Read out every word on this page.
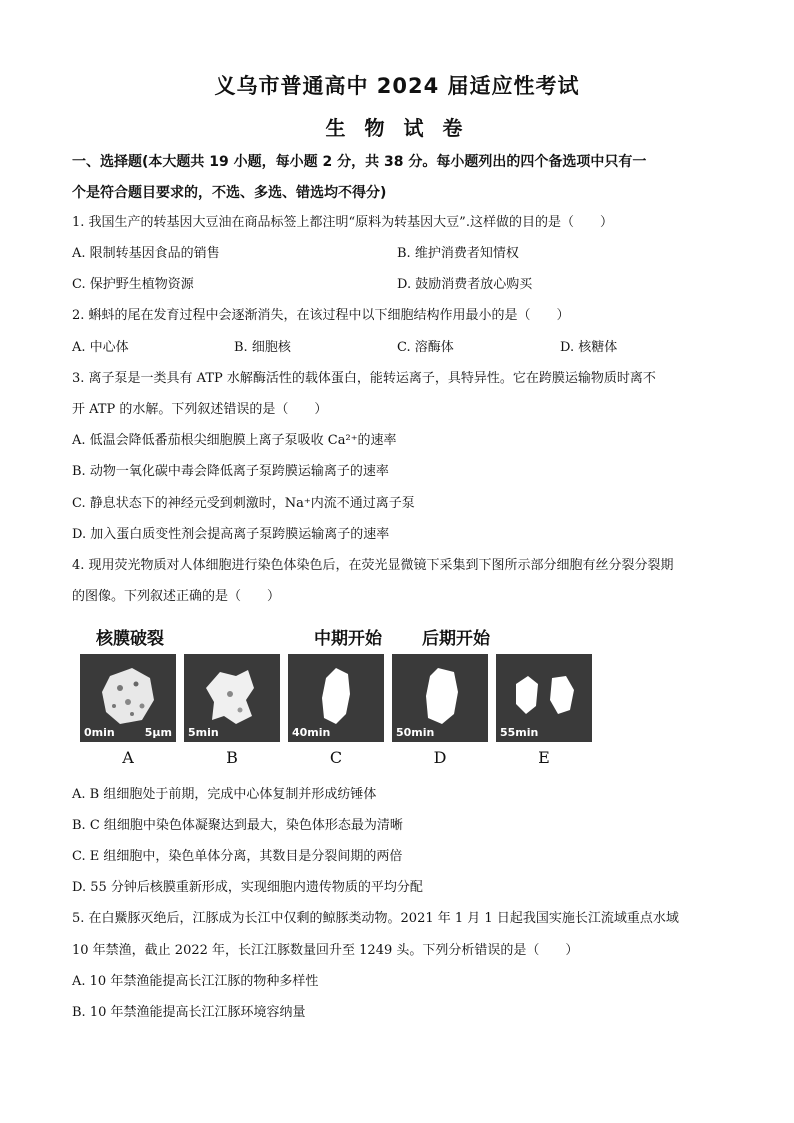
义乌市普通高中 2024 届适应性考试
生 物 试 卷
一、选择题(本大题共 19 小题，每小题 2 分，共 38 分。每小题列出的四个备选项中只有一
个是符合题目要求的，不选、多选、错选均不得分)
1. 我国生产的转基因大豆油在商品标签上都注明“原料为转基因大豆”.这样做的目的是（　　）
A. 限制转基因食品的销售	B. 维护消费者知情权
C. 保护野生植物资源	D. 鼓励消费者放心购买
2. 蝌蚪的尾在发育过程中会逐渐消失，在该过程中以下细胞结构作用最小的是（　　）
A. 中心体	B. 细胞核	C. 溶酶体	D. 核糖体
3. 离子泵是一类具有 ATP 水解酶活性的载体蛋白，能转运离子，具特异性。它在跨膜运输物质时离不
开 ATP 的水解。下列叙述错误的是（　　）
A. 低温会降低番茄根尖细胞膜上离子泵吸收 Ca²⁺的速率
B. 动物一氧化碳中毒会降低离子泵跨膜运输离子的速率
C. 静息状态下的神经元受到刺激时，Na⁺内流不通过离子泵
D. 加入蛋白质变性剂会提高离子泵跨膜运输离子的速率
4. 现用荧光物质对人体细胞进行染色体染色后，在荧光显微镜下采集到下图所示部分细胞有丝分裂分裂期
的图像。下列叙述正确的是（　　）
核膜破裂	中期开始 后期开始
0min	5μm 5min	40min	50min	55min
A	B	C	D	E
A. B 组细胞处于前期，完成中心体复制并形成纺锤体
B. C 组细胞中染色体凝聚达到最大，染色体形态最为清晰
C. E 组细胞中，染色单体分离，其数目是分裂间期的两倍
D. 55 分钟后核膜重新形成，实现细胞内遗传物质的平均分配
5. 在白鱀豚灭绝后，江豚成为长江中仅剩的鲸豚类动物。2021 年 1 月 1 日起我国实施长江流域重点水域
10 年禁渔，截止 2022 年，长江江豚数量回升至 1249 头。下列分析错误的是（　　）
A. 10 年禁渔能提高长江江豚的物种多样性
B. 10 年禁渔能提高长江江豚环境容纳量
